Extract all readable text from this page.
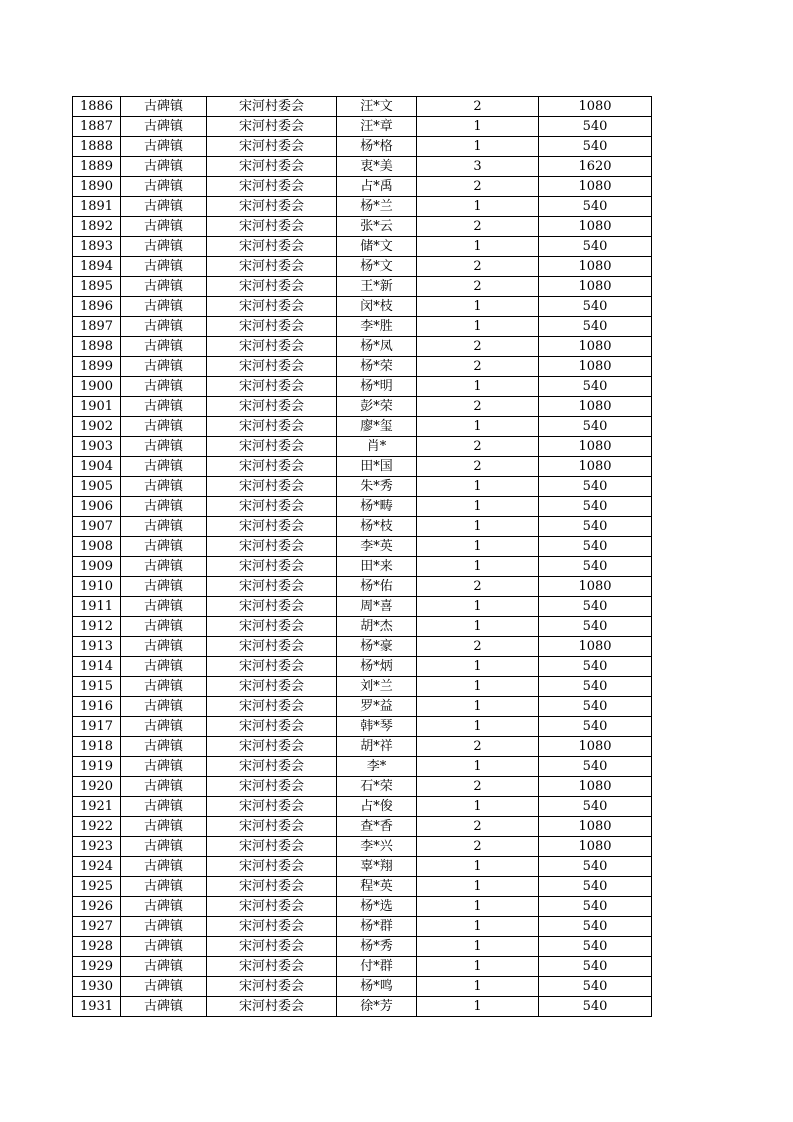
1886	古碑镇	宋河村委会	汪*文	2	1080
1887	古碑镇	宋河村委会	汪*章	1	540
1888	古碑镇	宋河村委会	杨*格	1	540
1889	古碑镇	宋河村委会	衷*美	3	1620
1890	古碑镇	宋河村委会	占*禹	2	1080
1891	古碑镇	宋河村委会	杨*兰	1	540
1892	古碑镇	宋河村委会	张*云	2	1080
1893	古碑镇	宋河村委会	储*文	1	540
1894	古碑镇	宋河村委会	杨*文	2	1080
1895	古碑镇	宋河村委会	王*新	2	1080
1896	古碑镇	宋河村委会	闵*枝	1	540
1897	古碑镇	宋河村委会	李*胜	1	540
1898	古碑镇	宋河村委会	杨*凤	2	1080
1899	古碑镇	宋河村委会	杨*荣	2	1080
1900	古碑镇	宋河村委会	杨*明	1	540
1901	古碑镇	宋河村委会	彭*荣	2	1080
1902	古碑镇	宋河村委会	廖*玺	1	540
1903	古碑镇	宋河村委会	肖*	2	1080
1904	古碑镇	宋河村委会	田*国	2	1080
1905	古碑镇	宋河村委会	朱*秀	1	540
1906	古碑镇	宋河村委会	杨*畴	1	540
1907	古碑镇	宋河村委会	杨*枝	1	540
1908	古碑镇	宋河村委会	李*英	1	540
1909	古碑镇	宋河村委会	田*来	1	540
1910	古碑镇	宋河村委会	杨*佑	2	1080
1911	古碑镇	宋河村委会	周*喜	1	540
1912	古碑镇	宋河村委会	胡*杰	1	540
1913	古碑镇	宋河村委会	杨*豪	2	1080
1914	古碑镇	宋河村委会	杨*炳	1	540
1915	古碑镇	宋河村委会	刘*兰	1	540
1916	古碑镇	宋河村委会	罗*益	1	540
1917	古碑镇	宋河村委会	韩*琴	1	540
1918	古碑镇	宋河村委会	胡*祥	2	1080
1919	古碑镇	宋河村委会	李*	1	540
1920	古碑镇	宋河村委会	石*荣	2	1080
1921	古碑镇	宋河村委会	占*俊	1	540
1922	古碑镇	宋河村委会	查*香	2	1080
1923	古碑镇	宋河村委会	李*兴	2	1080
1924	古碑镇	宋河村委会	辜*翔	1	540
1925	古碑镇	宋河村委会	程*英	1	540
1926	古碑镇	宋河村委会	杨*选	1	540
1927	古碑镇	宋河村委会	杨*群	1	540
1928	古碑镇	宋河村委会	杨*秀	1	540
1929	古碑镇	宋河村委会	付*群	1	540
1930	古碑镇	宋河村委会	杨*鸣	1	540
1931	古碑镇	宋河村委会	徐*芳	1	540
